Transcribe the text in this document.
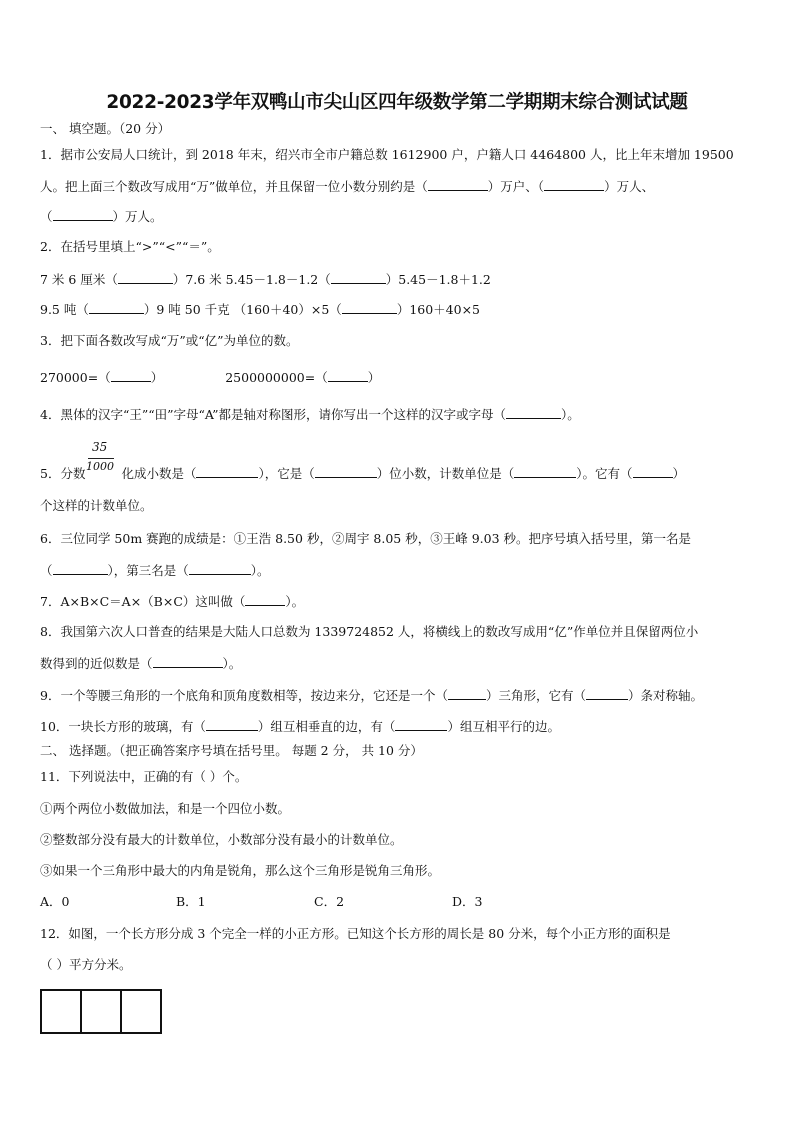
2022-2023学年双鸭山市尖山区四年级数学第二学期期末综合测试试题
一、 填空题。（20 分）
1．据市公安局人口统计，到 2018 年末，绍兴市全市户籍总数 1612900 户，户籍人口 4464800 人，比上年末增加 19500
人。把上面三个数改写成用“万”做单位，并且保留一位小数分别约是（	）万户、（	）万人、
（	）万人。
2．在括号里填上“>”“<”“＝”。
7 米 6 厘米（	）7.6 米 5.45－1.8－1.2（	）5.45－1.8＋1.2
9.5 吨（	）9 吨 50 千克 （160＋40）×5（	）160＋40×5
3．把下面各数改写成“万”或“亿”为单位的数。
270000=（	）	2500000000=（	）
4．黑体的汉字“王”“田”字母“A”都是轴对称图形，请你写出一个这样的汉字或字母（	）。
35
1000
5．分数	化成小数是（	），它是（	）位小数，计数单位是（	）。它有（	）
个这样的计数单位。
6．三位同学 50m 赛跑的成绩是：①王浩 8.50 秒，②周宇 8.05 秒，③王峰 9.03 秒。把序号填入括号里，第一名是
（	），第三名是（	）。
7．A×B×C＝A×（B×C）这叫做（	）。
8．我国第六次人口普查的结果是大陆人口总数为 1339724852 人，将横线上的数改写成用“亿”作单位并且保留两位小
数得到的近似数是（	）。
9．一个等腰三角形的一个底角和顶角度数相等，按边来分，它还是一个（	）三角形，它有（	）条对称轴。
10．一块长方形的玻璃，有（	）组互相垂直的边，有（	）组互相平行的边。
二、 选择题。（把正确答案序号填在括号里。 每题 2 分， 共 10 分）
11．下列说法中，正确的有（ ）个。
①两个两位小数做加法，和是一个四位小数。
②整数部分没有最大的计数单位，小数部分没有最小的计数单位。
③如果一个三角形中最大的内角是锐角，那么这个三角形是锐角三角形。
A．0	B．1	C．2	D．3
12．如图，一个长方形分成 3 个完全一样的小正方形。已知这个长方形的周长是 80 分米，每个小正方形的面积是
（ ）平方分米。
